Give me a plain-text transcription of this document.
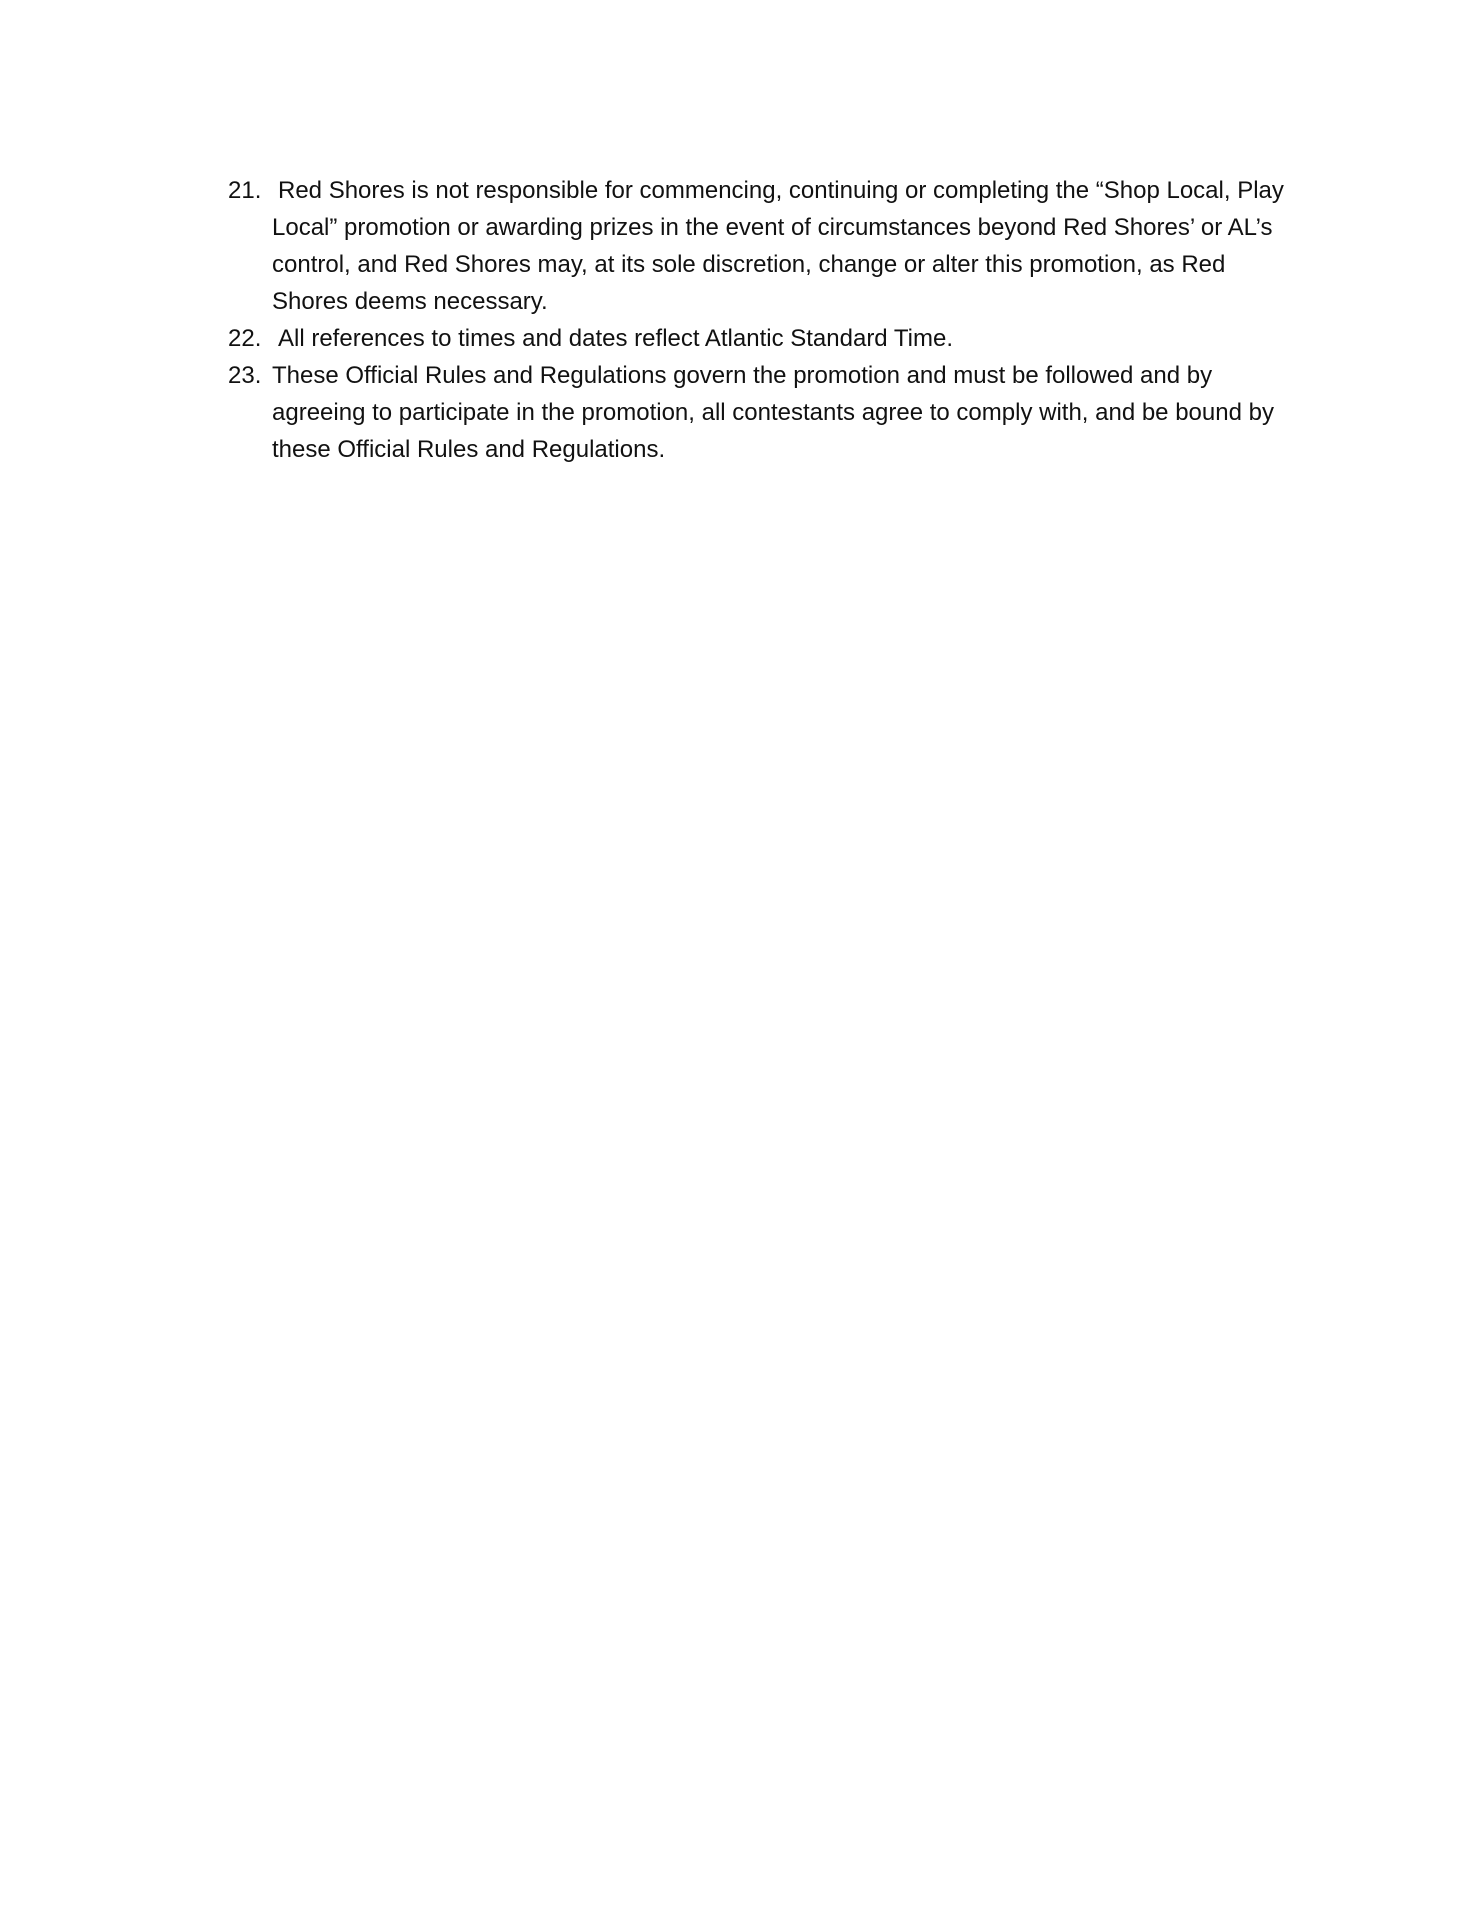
21. Red Shores is not responsible for commencing, continuing or completing the “Shop Local, Play Local” promotion or awarding prizes in the event of circumstances beyond Red Shores’ or AL’s control, and Red Shores may, at its sole discretion, change or alter this promotion, as Red Shores deems necessary.
22. All references to times and dates reflect Atlantic Standard Time.
23. These Official Rules and Regulations govern the promotion and must be followed and by agreeing to participate in the promotion, all contestants agree to comply with, and be bound by these Official Rules and Regulations.
